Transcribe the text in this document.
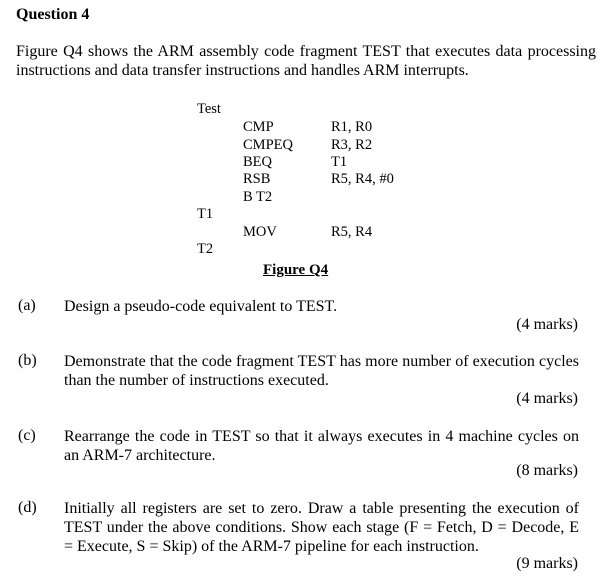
Question 4
Figure Q4 shows the ARM assembly code fragment TEST that executes data processing instructions and data transfer instructions and handles ARM interrupts.
Test
T1
T2
CMP
CMPEQ
BEQ
RSB
B T2
MOV
R1, R0
R3, R2
T1
R5, R4, #0
R5, R4
Figure Q4
(a) Design a pseudo-code equivalent to TEST.
(4 marks)
(b) Demonstrate that the code fragment TEST has more number of execution cycles than the number of instructions executed.
(4 marks)
(c) Rearrange the code in TEST so that it always executes in 4 machine cycles on an ARM-7 architecture.
(8 marks)
(d) Initially all registers are set to zero. Draw a table presenting the execution of TEST under the above conditions. Show each stage (F = Fetch, D = Decode, E = Execute, S = Skip) of the ARM-7 pipeline for each instruction.
(9 marks)
